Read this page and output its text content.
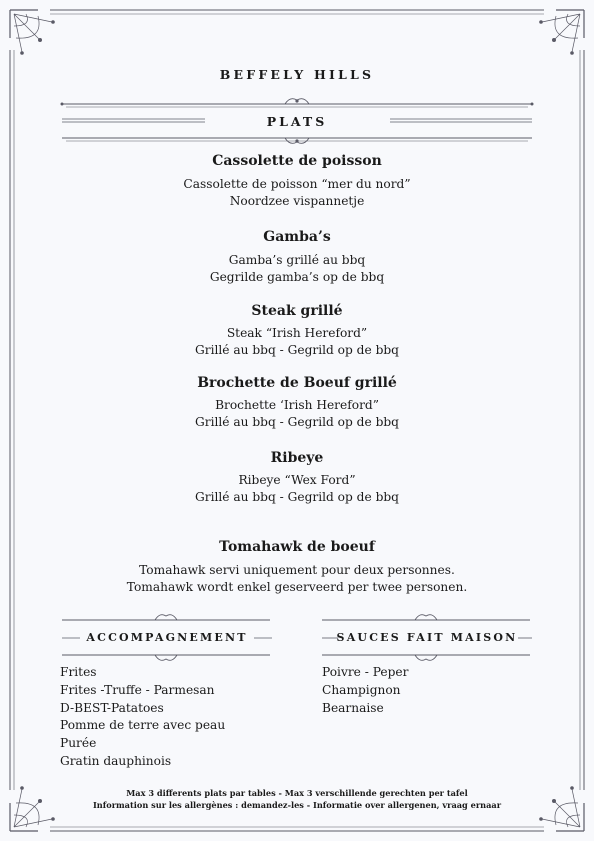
BEFFELY HILLS
PLATS
Cassolette de poisson
Cassolette de poisson “mer du nord”
Noordzee vispannetje
Gamba’s
Gamba’s grillé au bbq
Gegrilde gamba’s op de bbq
Steak grillé
Steak “Irish Hereford”
Grillé au bbq - Gegrild op de bbq
Brochette de Boeuf grillé
Brochette ‘Irish Hereford”
Grillé au bbq - Gegrild op de bbq
Ribeye
Ribeye “Wex Ford”
Grillé au bbq - Gegrild op de bbq
Tomahawk de boeuf
Tomahawk servi uniquement pour deux personnes.
Tomahawk wordt enkel geserveerd per twee personen.
ACCOMPAGNEMENT
Frites
Frites -Truffe - Parmesan
D-BEST-Patatoes
Pomme de terre avec peau
Purée
Gratin dauphinois
SAUCES FAIT MAISON
Poivre - Peper
Champignon
Bearnaise
Max 3 differents plats par tables - Max 3 verschillende gerechten per tafel
Information sur les allergènes : demandez-les - Informatie over allergenen, vraag ernaar
